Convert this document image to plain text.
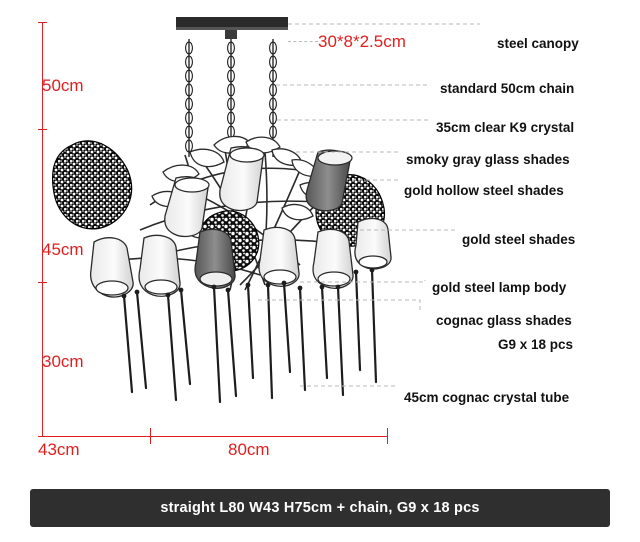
50cm
45cm
30cm
43cm	80cm
30*8*2.5cm	steel canopy
standard 50cm chain
35cm clear K9 crystal
smoky gray glass shades
gold hollow steel shades
gold steel shades
gold steel lamp body
cognac glass shades
G9 x 18 pcs
45cm cognac crystal tube
straight L80 W43 H75cm + chain, G9 x 18 pcs
